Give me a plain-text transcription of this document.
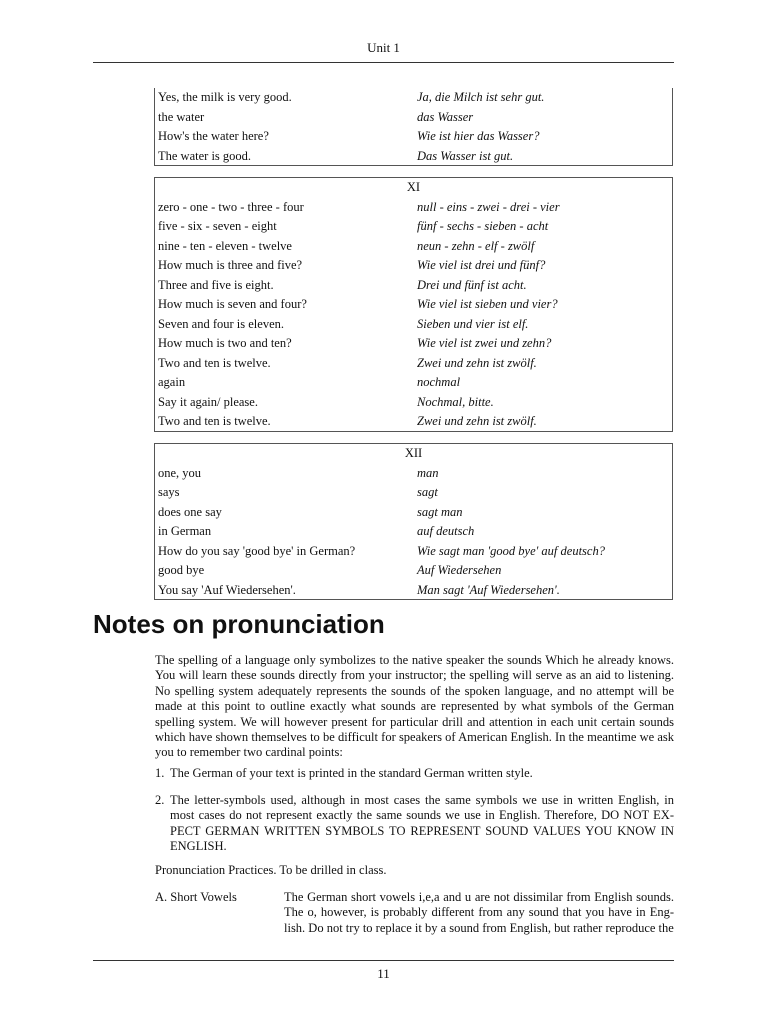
Unit 1
Yes, the milk is very good.	Ja, die Milch ist sehr gut.
the water	das Wasser
How's the water here?	Wie ist hier das Wasser?
The water is good.	Das Wasser ist gut.
XI
zero - one - two - three - four	null - eins - zwei - drei - vier
five - six - seven - eight	fünf - sechs - sieben - acht
nine - ten - eleven - twelve	neun - zehn - elf - zwölf
How much is three and five?	Wie viel ist drei und fünf?
Three and five is eight.	Drei und fünf ist acht.
How much is seven and four?	Wie viel ist sieben und vier?
Seven and four is eleven.	Sieben und vier ist elf.
How much is two and ten?	Wie viel ist zwei und zehn?
Two and ten is twelve.	Zwei und zehn ist zwölf.
again	nochmal
Say it again/ please.	Nochmal, bitte.
Two and ten is twelve.	Zwei und zehn ist zwölf.
XII
one, you	man
says	sagt
does one say	sagt man
in German	auf deutsch
How do you say 'good bye' in German?	Wie sagt man 'good bye' auf deutsch?
good bye	Auf Wiedersehen
You say 'Auf Wiedersehen'.	Man sagt 'Auf Wiedersehen'.
Notes on pronunciation

The spelling of a language only symbolizes to the native speaker the sounds Which he already knows. You will learn these sounds directly from your instructor; the spelling will serve as an aid to listening. No spelling system adequately represents the sounds of the spoken language, and no attempt will be made at this point to outline exactly what sounds are represented by what symbols of the German spelling system. We will however present for particular drill and attention in each unit certain sounds which have shown themselves to be difficult for speakers of American English. In the meantime we ask you to remember two cardinal points:

1. The German of your text is printed in the standard German written style.
2. The letter-symbols used, although in most cases the same symbols we use in written English, in most cases do not represent exactly the same sounds we use in English. Therefore, DO NOT EX- PECT GERMAN WRITTEN SYMBOLS TO REPRESENT SOUND VALUES YOU KNOW IN ENGLISH.

Pronunciation Practices. To be drilled in class.

A. Short Vowels	The German short vowels i,e,a and u are not dissimilar from English sounds. The o, however, is probably different from any sound that you have in Eng- lish. Do not try to replace it by a sound from English, but rather reproduce the
11
